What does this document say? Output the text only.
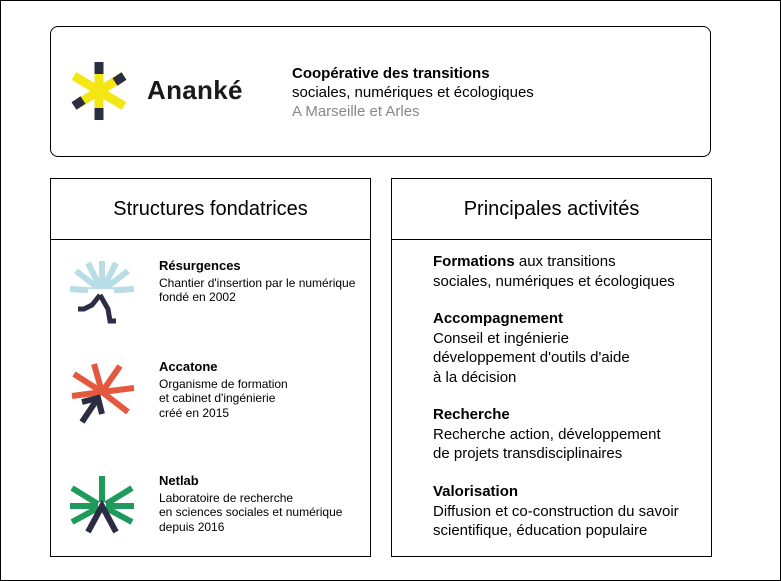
Ananké
Coopérative des transitions
sociales, numériques et écologiques
A Marseille et Arles
Structures fondatrices
Résurgences
Chantier d'insertion par le numérique
fondé en 2002
Accatone
Organisme de formation
et cabinet d'ingénierie
créé en 2015
Netlab
Laboratoire de recherche
en sciences sociales et numérique
depuis 2016
Principales activités
Formations aux transitions
sociales, numériques et écologiques
Accompagnement
Conseil et ingénierie
développement d'outils d'aide
à la décision
Recherche
Recherche action, développement
de projets transdisciplinaires
Valorisation
Diffusion et co-construction du savoir
scientifique, éducation populaire
